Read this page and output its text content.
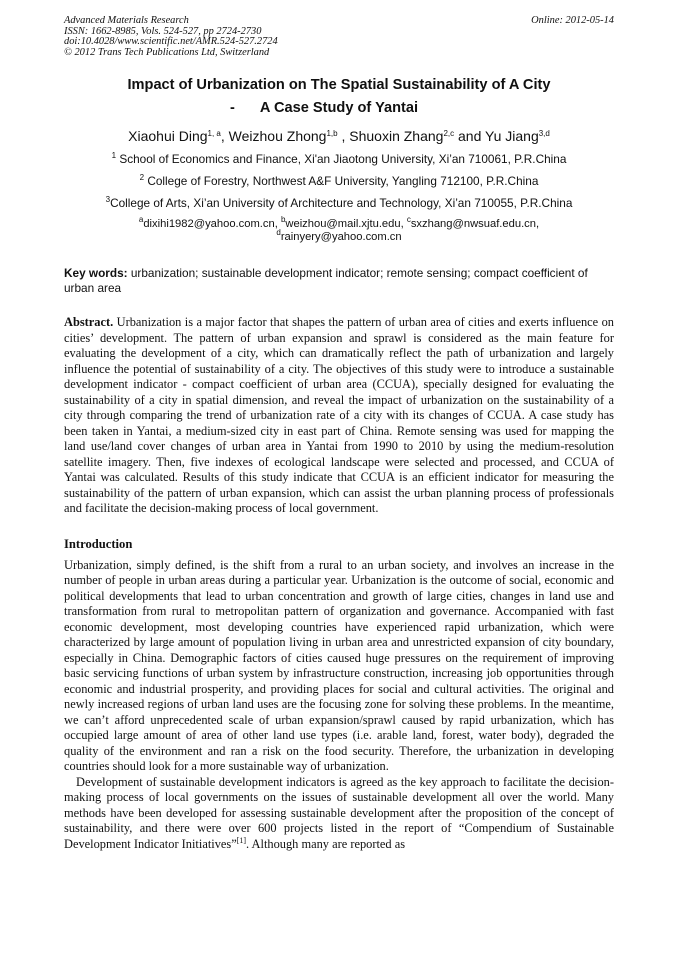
Advanced Materials Research
ISSN: 1662-8985, Vols. 524-527, pp 2724-2730
doi:10.4028/www.scientific.net/AMR.524-527.2724
© 2012 Trans Tech Publications Ltd, Switzerland
Online: 2012-05-14
Impact of Urbanization on The Spatial Sustainability of A City
- A Case Study of Yantai
Xiaohui Ding$^{1, a}$, Weizhou Zhong$^{1,b}$ , Shuoxin Zhang$^{2,c}$ and Yu Jiang$^{3,d}$
$^1$ School of Economics and Finance, Xi'an Jiaotong University, Xi’an 710061, P.R.China
$^2$ College of Forestry, Northwest A&F University, Yangling 712100, P.R.China
$^3$College of Arts, Xi’an University of Architecture and Technology, Xi’an 710055, P.R.China
$^a$dixihi1982@yahoo.com.cn, $^b$weizhou@mail.xjtu.edu, $^c$sxzhang@nwsuaf.edu.cn,
$^d$rainyery@yahoo.com.cn
Key words: urbanization; sustainable development indicator; remote sensing; compact coefficient of urban area
Abstract. Urbanization is a major factor that shapes the pattern of urban area of cities and exerts influence on cities’ development. The pattern of urban expansion and sprawl is considered as the main feature for evaluating the development of a city, which can dramatically reflect the path of urbanization and largely influence the potential of sustainability of a city. The objectives of this study were to introduce a sustainable development indicator - compact coefficient of urban area (CCUA), specially designed for evaluating the sustainability of a city in spatial dimension, and reveal the impact of urbanization on the sustainability of a city through comparing the trend of urbanization rate of a city with its changes of CCUA. A case study has been taken in Yantai, a medium-sized city in east part of China. Remote sensing was used for mapping the land use/land cover changes of urban area in Yantai from 1990 to 2010 by using the medium-resolution satellite imagery. Then, five indexes of ecological landscape were selected and processed, and CCUA of Yantai was calculated. Results of this study indicate that CCUA is an efficient indicator for measuring the sustainability of the pattern of urban expansion, which can assist the urban planning process of professionals and facilitate the decision-making process of local government.
Introduction
Urbanization, simply defined, is the shift from a rural to an urban society, and involves an increase in the number of people in urban areas during a particular year. Urbanization is the outcome of social, economic and political developments that lead to urban concentration and growth of large cities, changes in land use and transformation from rural to metropolitan pattern of organization and governance. Accompanied with fast economic development, most developing countries have experienced rapid urbanization, which were characterized by large amount of population living in urban area and unrestricted expansion of city boundary, especially in China. Demographic factors of cities caused huge pressures on the requirement of improving basic servicing functions of urban system by infrastructure construction, increasing job opportunities through economic and industrial prosperity, and providing places for social and cultural activities. The original and newly increased regions of urban land uses are the focusing zone for solving these problems. In the meantime, we can’t afford unprecedented scale of urban expansion/sprawl caused by rapid urbanization, which has occupied large amount of area of other land use types (i.e. arable land, forest, water body), degraded the quality of the environment and ran a risk on the food security. Therefore, the urbanization in developing countries should look for a more sustainable way of urbanization.
Development of sustainable development indicators is agreed as the key approach to facilitate the decision-making process of local governments on the issues of sustainable development all over the world. Many methods have been developed for assessing sustainable development after the proposition of the concept of sustainability, and there were over 600 projects listed in the report of “Compendium of Sustainable Development Indicator Initiatives”[1]. Although many are reported as
